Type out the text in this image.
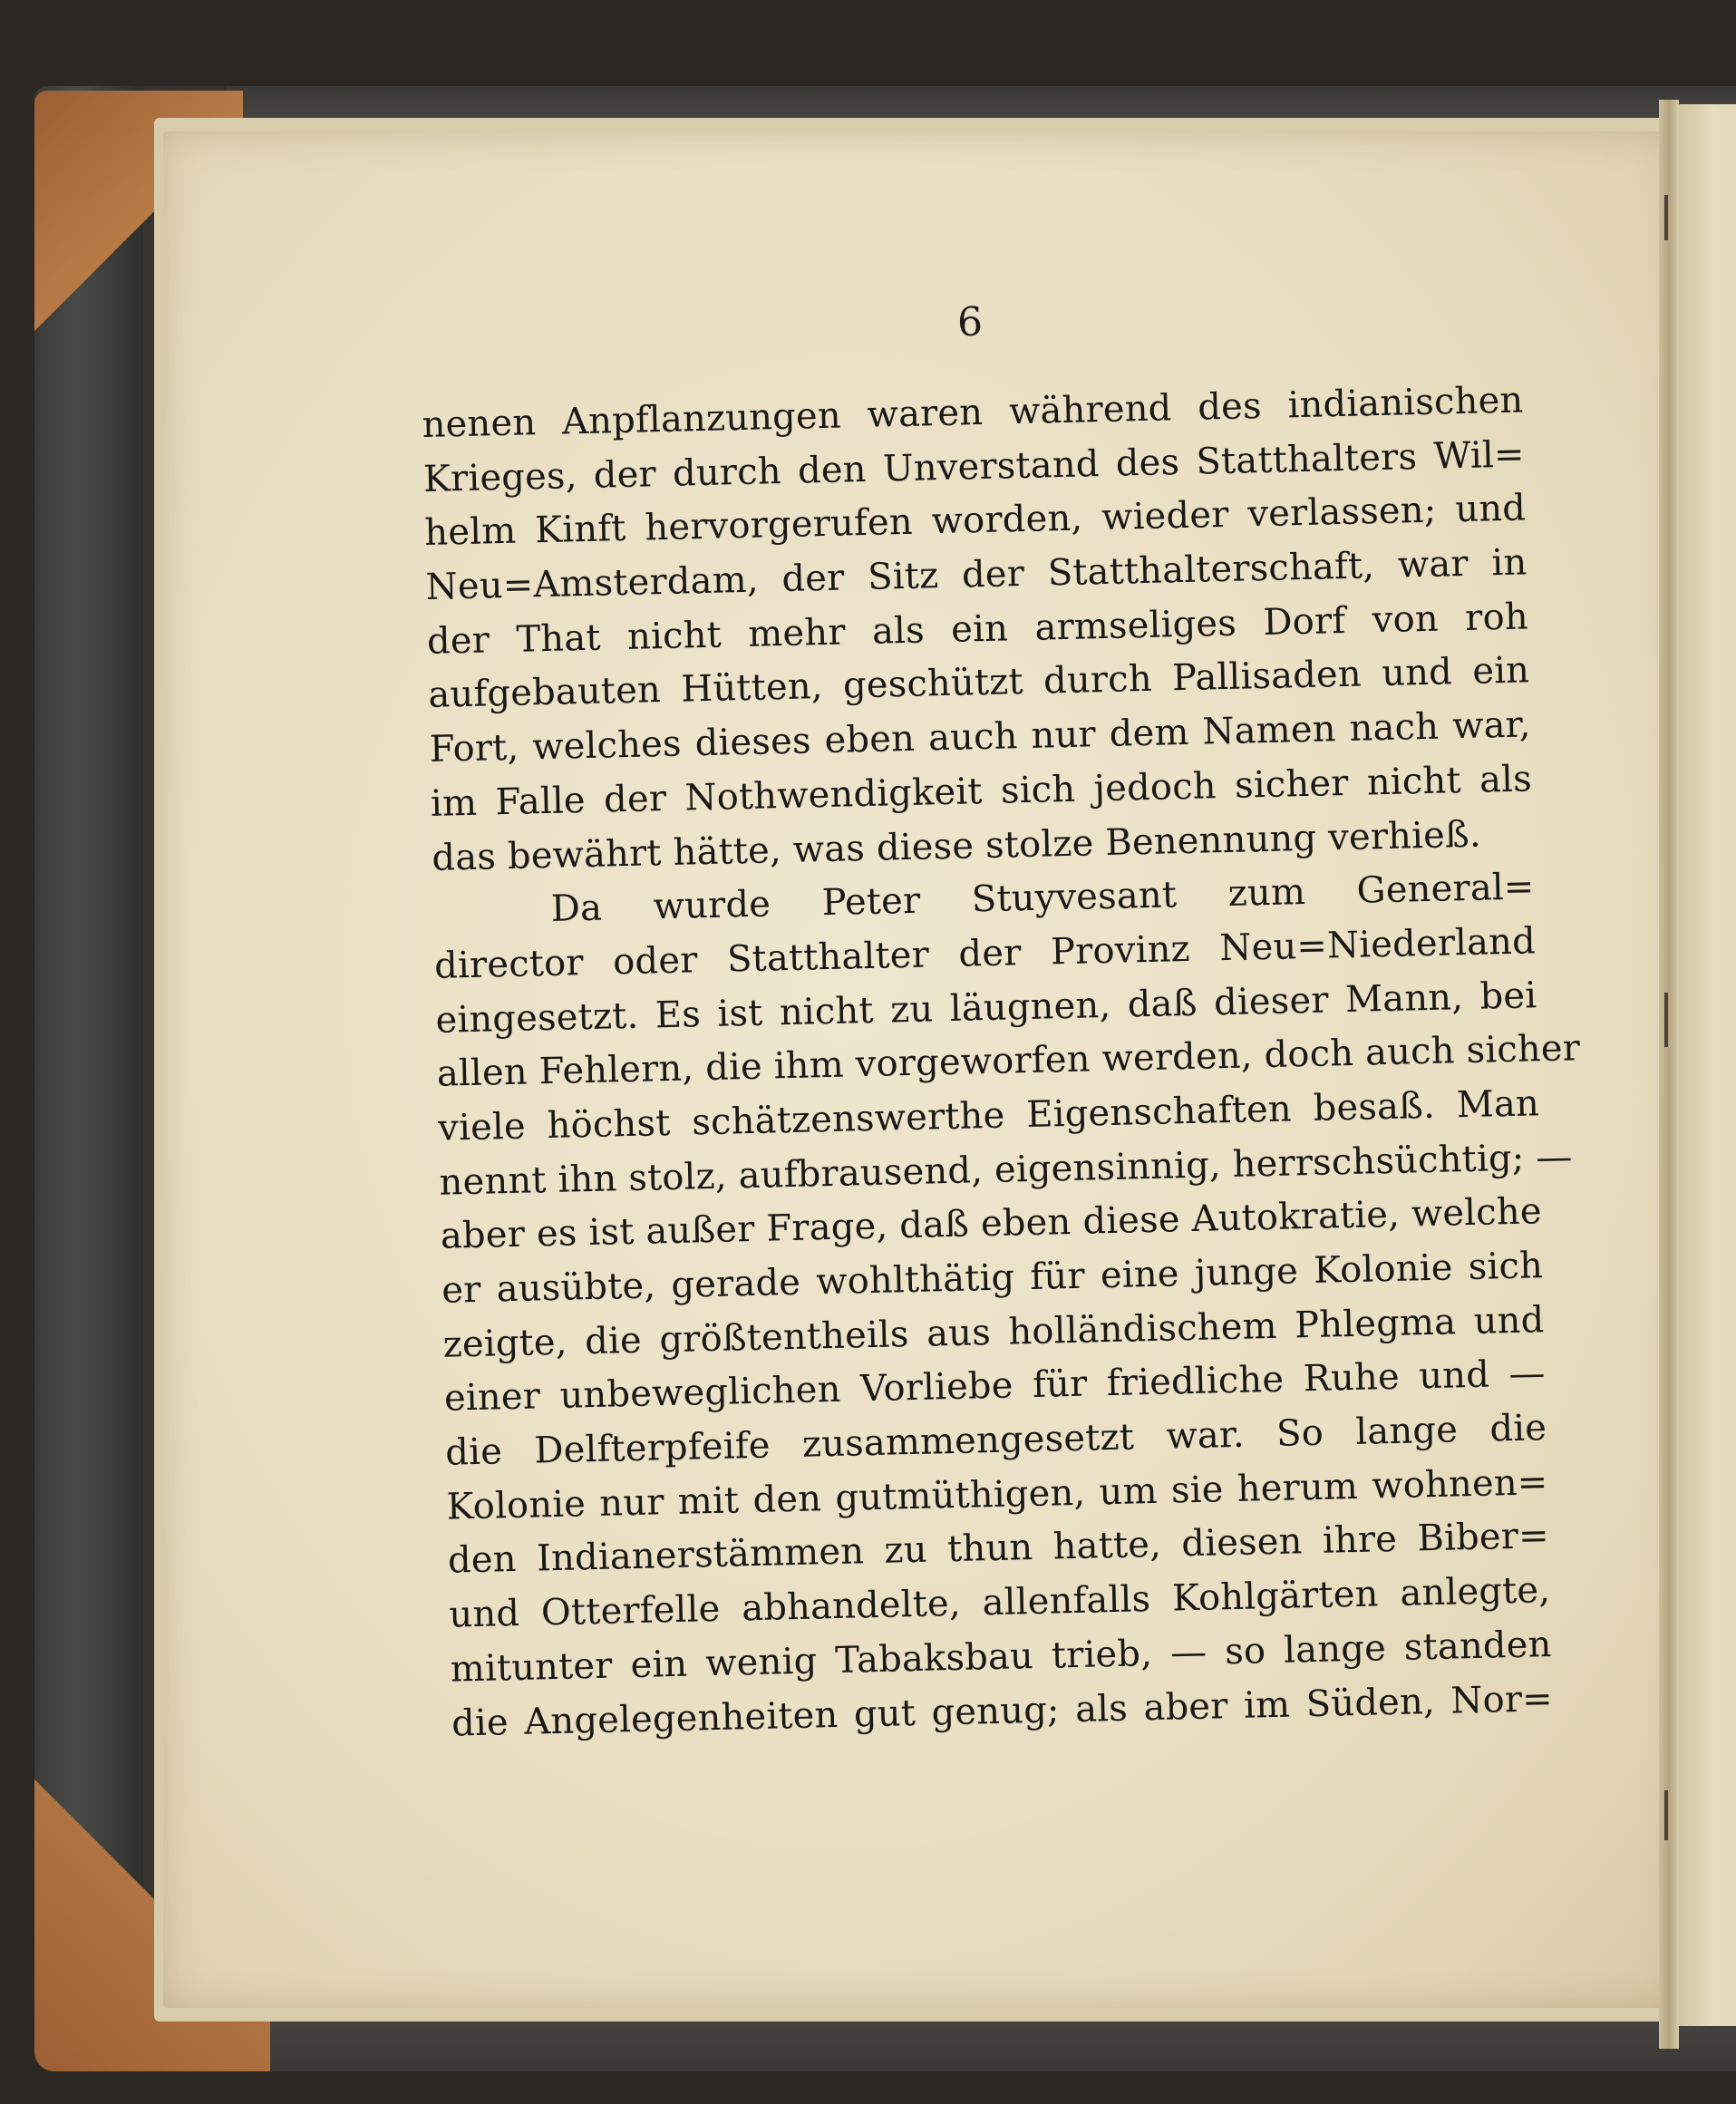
6
nenen Anpflanzungen waren während des indianischen
Krieges, der durch den Unverstand des Statthalters Wil=
helm Kinft hervorgerufen worden, wieder verlassen; und
Neu=Amsterdam, der Sitz der Statthalterschaft, war in
der That nicht mehr als ein armseliges Dorf von roh
aufgebauten Hütten, geschützt durch Pallisaden und ein
Fort, welches dieses eben auch nur dem Namen nach war,
im Falle der Nothwendigkeit sich jedoch sicher nicht als
das bewährt hätte, was diese stolze Benennung verhieß.
Da wurde Peter Stuyvesant zum General=
director oder Statthalter der Provinz Neu=Niederland
eingesetzt. Es ist nicht zu läugnen, daß dieser Mann, bei
allen Fehlern, die ihm vorgeworfen werden, doch auch sicher
viele höchst schätzenswerthe Eigenschaften besaß. Man
nennt ihn stolz, aufbrausend, eigensinnig, herrschsüchtig; —
aber es ist außer Frage, daß eben diese Autokratie, welche
er ausübte, gerade wohlthätig für eine junge Kolonie sich
zeigte, die größtentheils aus holländischem Phlegma und
einer unbeweglichen Vorliebe für friedliche Ruhe und —
die Delfterpfeife zusammengesetzt war. So lange die
Kolonie nur mit den gutmüthigen, um sie herum wohnen=
den Indianerstämmen zu thun hatte, diesen ihre Biber=
und Otterfelle abhandelte, allenfalls Kohlgärten anlegte,
mitunter ein wenig Tabaksbau trieb, — so lange standen
die Angelegenheiten gut genug; als aber im Süden, Nor=
